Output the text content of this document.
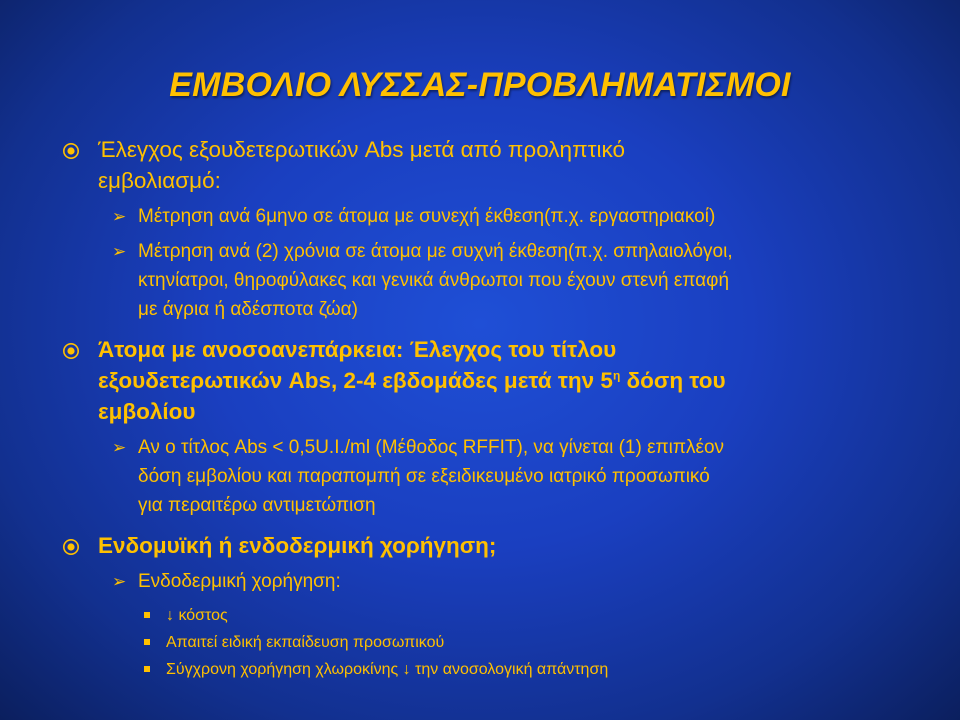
ΕΜΒΟΛΙΟ ΛΥΣΣΑΣ-ΠΡΟΒΛΗΜΑΤΙΣΜΟΙ
Έλεγχος εξουδετερωτικών Abs μετά από προληπτικό
εμβολιασμό:
➢ Μέτρηση ανά 6μηνο σε άτομα με συνεχή έκθεση(π.χ. εργαστηριακοί)
➢ Μέτρηση ανά (2) χρόνια σε άτομα με συχνή έκθεση(π.χ. σπηλαιολόγοι,
κτηνίατροι, θηροφύλακες και γενικά άνθρωποι που έχουν στενή επαφή
με άγρια ή αδέσποτα ζώα)
Άτομα με ανοσοανεπάρκεια: Έλεγχος του τίτλου
εξουδετερωτικών Abs, 2-4 εβδομάδες μετά την $5^\eta$ δόση του
εμβολίου
➢ Αν ο τίτλος Abs < 0,5U.I./ml (Μέθοδος RFFIT), να γίνεται (1) επιπλέον
δόση εμβολίου και παραπομπή σε εξειδικευμένο ιατρικό προσωπικό
για περαιτέρω αντιμετώπιση
Ενδομυϊκή ή ενδοδερμική χορήγηση;
➢ Ενδοδερμική χορήγηση:
↓ κόστος
Απαιτεί ειδική εκπαίδευση προσωπικού
Σύγχρονη χορήγηση χλωροκίνης ↓ την ανοσολογική απάντηση
